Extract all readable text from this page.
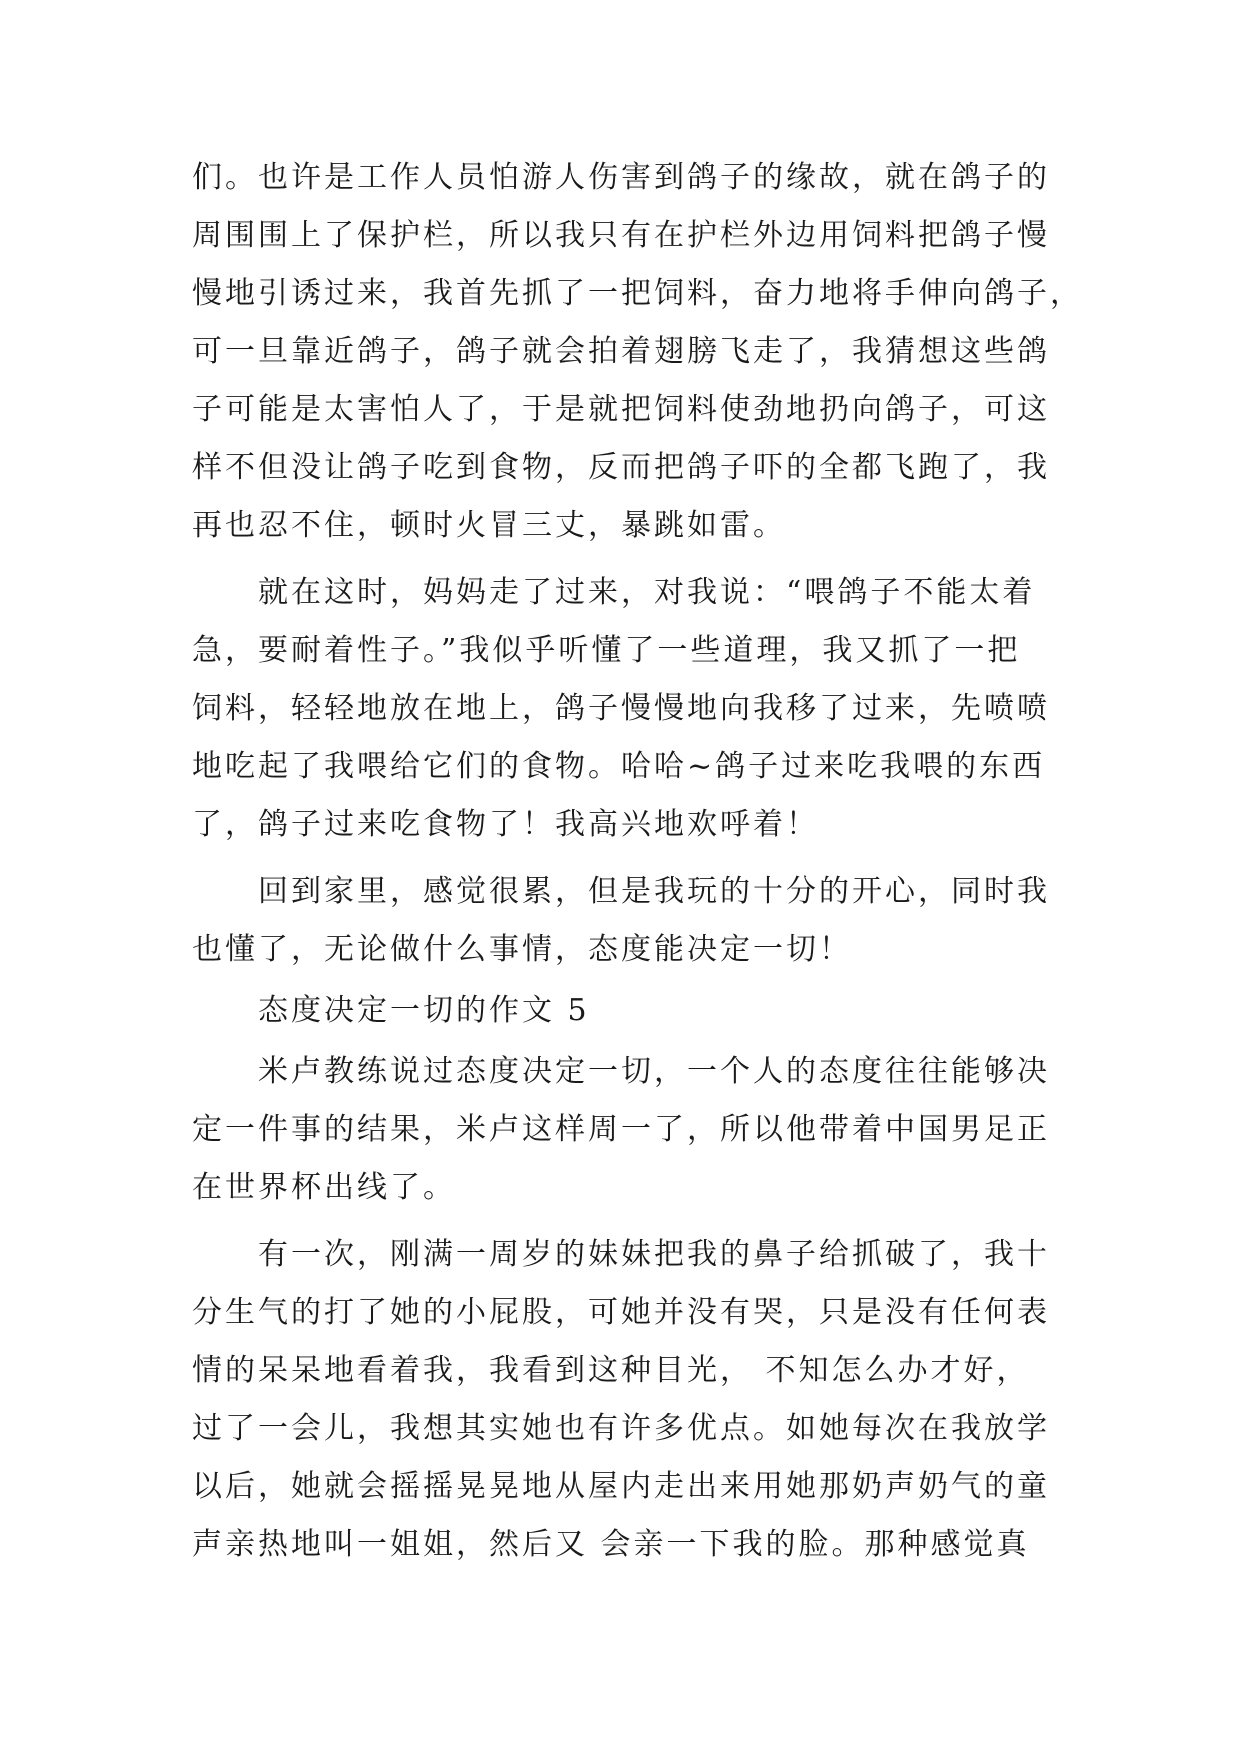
们。也许是工作人员怕游人伤害到鸽子的缘故，就在鸽子的
周围围上了保护栏，所以我只有在护栏外边用饲料把鸽子慢
慢地引诱过来，我首先抓了一把饲料，奋力地将手伸向鸽子，
可一旦靠近鸽子，鸽子就会拍着翅膀飞走了，我猜想这些鸽
子可能是太害怕人了，于是就把饲料使劲地扔向鸽子，可这
样不但没让鸽子吃到食物，反而把鸽子吓的全都飞跑了，我
再也忍不住，顿时火冒三丈，暴跳如雷。
　　就在这时，妈妈走了过来，对我说：“喂鸽子不能太着
急，要耐着性子。”我似乎听懂了一些道理，我又抓了一把
饲料，轻轻地放在地上，鸽子慢慢地向我移了过来，先喷喷
地吃起了我喂给它们的食物。哈哈~鸽子过来吃我喂的东西
了，鸽子过来吃食物了！我高兴地欢呼着！
　　回到家里，感觉很累，但是我玩的十分的开心，同时我
也懂了，无论做什么事情，态度能决定一切！
　　态度决定一切的作文 5
　　米卢教练说过态度决定一切，一个人的态度往往能够决
定一件事的结果，米卢这样周一了，所以他带着中国男足正
在世界杯出线了。
　　有一次，刚满一周岁的妹妹把我的鼻子给抓破了，我十
分生气的打了她的小屁股，可她并没有哭，只是没有任何表
情的呆呆地看着我，我看到这种目光， 不知怎么办才好，
过了一会儿，我想其实她也有许多优点。如她每次在我放学
以后，她就会摇摇晃晃地从屋内走出来用她那奶声奶气的童
声亲热地叫一姐姐，然后又 会亲一下我的脸。那种感觉真
